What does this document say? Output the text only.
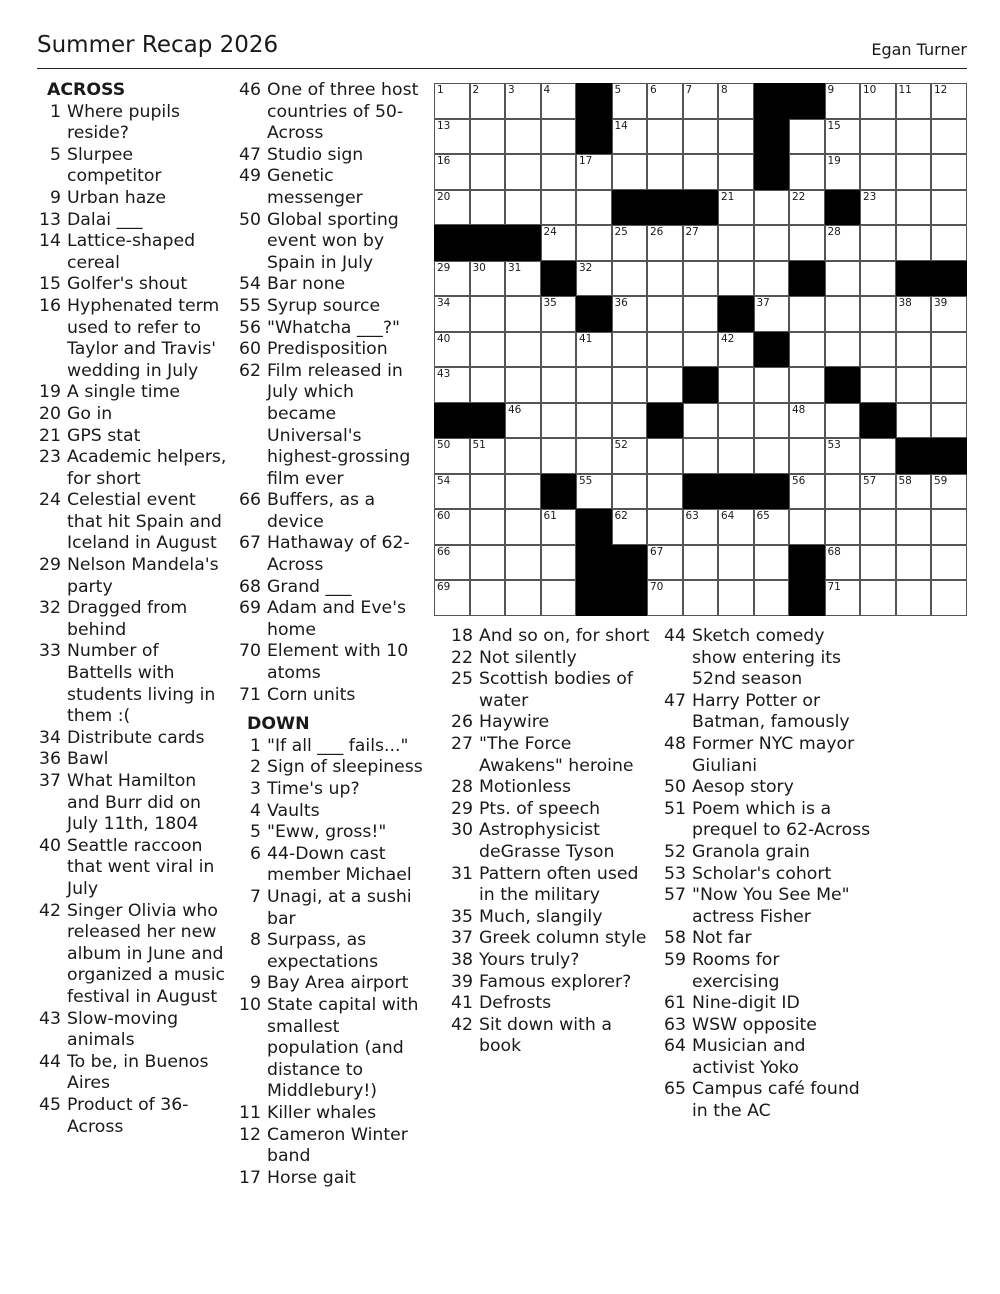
Summer Recap 2026	Egan Turner
ACROSS
1 Where pupils reside?
5 Slurpee competitor
9 Urban haze
13 Dalai ___
14 Lattice-shaped cereal
15 Golfer's shout
16 Hyphenated term used to refer to Taylor and Travis' wedding in July
19 A single time
20 Go in
21 GPS stat
23 Academic helpers, for short
24 Celestial event that hit Spain and Iceland in August
29 Nelson Mandela's party
32 Dragged from behind
33 Number of Battells with students living in them :(
34 Distribute cards
36 Bawl
37 What Hamilton and Burr did on July 11th, 1804
40 Seattle raccoon that went viral in July
42 Singer Olivia who released her new album in June and organized a music festival in August
43 Slow-moving animals
44 To be, in Buenos Aires
45 Product of 36-Across
46 One of three host countries of 50-Across
47 Studio sign
49 Genetic messenger
50 Global sporting event won by Spain in July
54 Bar none
55 Syrup source
56 "Whatcha ___?"
60 Predisposition
62 Film released in July which became Universal's highest-grossing film ever
66 Buffers, as a device
67 Hathaway of 62-Across
68 Grand ___
69 Adam and Eve's home
70 Element with 10 atoms
71 Corn units
DOWN
1 "If all ___ fails..."
2 Sign of sleepiness
3 Time's up?
4 Vaults
5 "Eww, gross!"
6 44-Down cast member Michael
7 Unagi, at a sushi bar
8 Surpass, as expectations
9 Bay Area airport
10 State capital with smallest population (and distance to Middlebury!)
11 Killer whales
12 Cameron Winter band
17 Horse gait
18 And so on, for short
22 Not silently
25 Scottish bodies of water
26 Haywire
27 "The Force Awakens" heroine
28 Motionless
29 Pts. of speech
30 Astrophysicist deGrasse Tyson
31 Pattern often used in the military
35 Much, slangily
37 Greek column style
38 Yours truly?
39 Famous explorer?
41 Defrosts
42 Sit down with a book
44 Sketch comedy show entering its 52nd season
47 Harry Potter or Batman, famously
48 Former NYC mayor Giuliani
50 Aesop story
51 Poem which is a prequel to 62-Across
52 Granola grain
53 Scholar's cohort
57 "Now You See Me" actress Fisher
58 Not far
59 Rooms for exercising
61 Nine-digit ID
63 WSW opposite
64 Musician and activist Yoko
65 Campus café found in the AC
1	2	3	4	5	6	7	8	9	10 11 12
13	14	15
16	17	19
20	21	22	23
24	25 26 27	28
29 30 31	32
34	35	36	37	38 39
40	41	42
43
46	48
50 51	52	53
54	55	56	57 58 59
60	61	62	63 64 65
66	67	68
69	70	71
